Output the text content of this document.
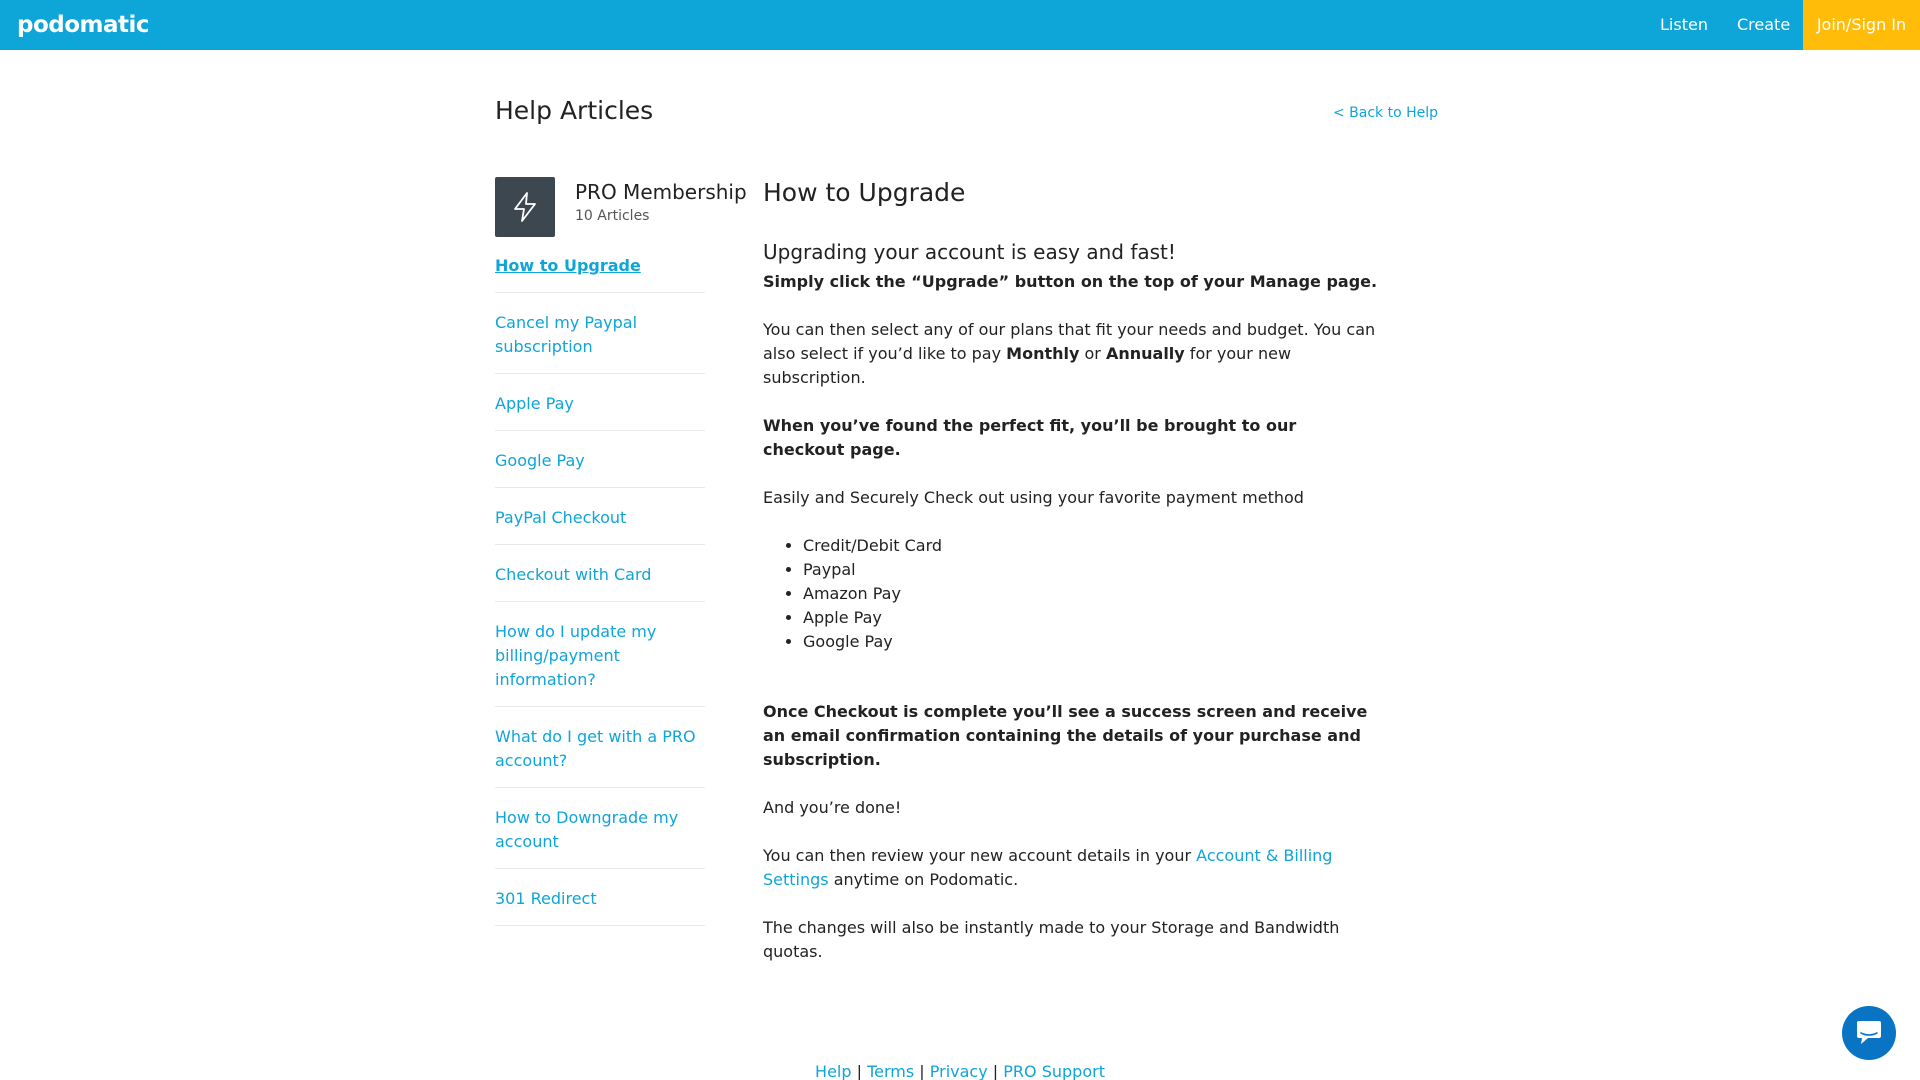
podomatic	Listen Create	Join/Sign In
Help Articles	< Back to Help
PRO Membership
10 Articles
How to Upgrade
Cancel my Paypal subscription
Apple Pay
Google Pay
PayPal Checkout
Checkout with Card
How do I update my billing/payment information?
What do I get with a PRO account?
How to Downgrade my account
301 Redirect
How to Upgrade
Upgrading your account is easy and fast!

Simply click the “Upgrade” button on the top of your Manage page.

You can then select any of our plans that fit your needs and budget. You can also select if you’d like to pay Monthly or Annually for your new subscription.

When you’ve found the perfect fit, you’ll be brought to our checkout page.

Easily and Securely Check out using your favorite payment method

• Credit/Debit Card
• Paypal
• Amazon Pay
• Apple Pay
• Google Pay

Once Checkout is complete you’ll see a success screen and receive an email confirmation containing the details of your purchase and subscription.

And you’re done!

You can then review your new account details in your Account & Billing Settings anytime on Podomatic.

The changes will also be instantly made to your Storage and Bandwidth quotas.

Help | Terms | Privacy | PRO Support
